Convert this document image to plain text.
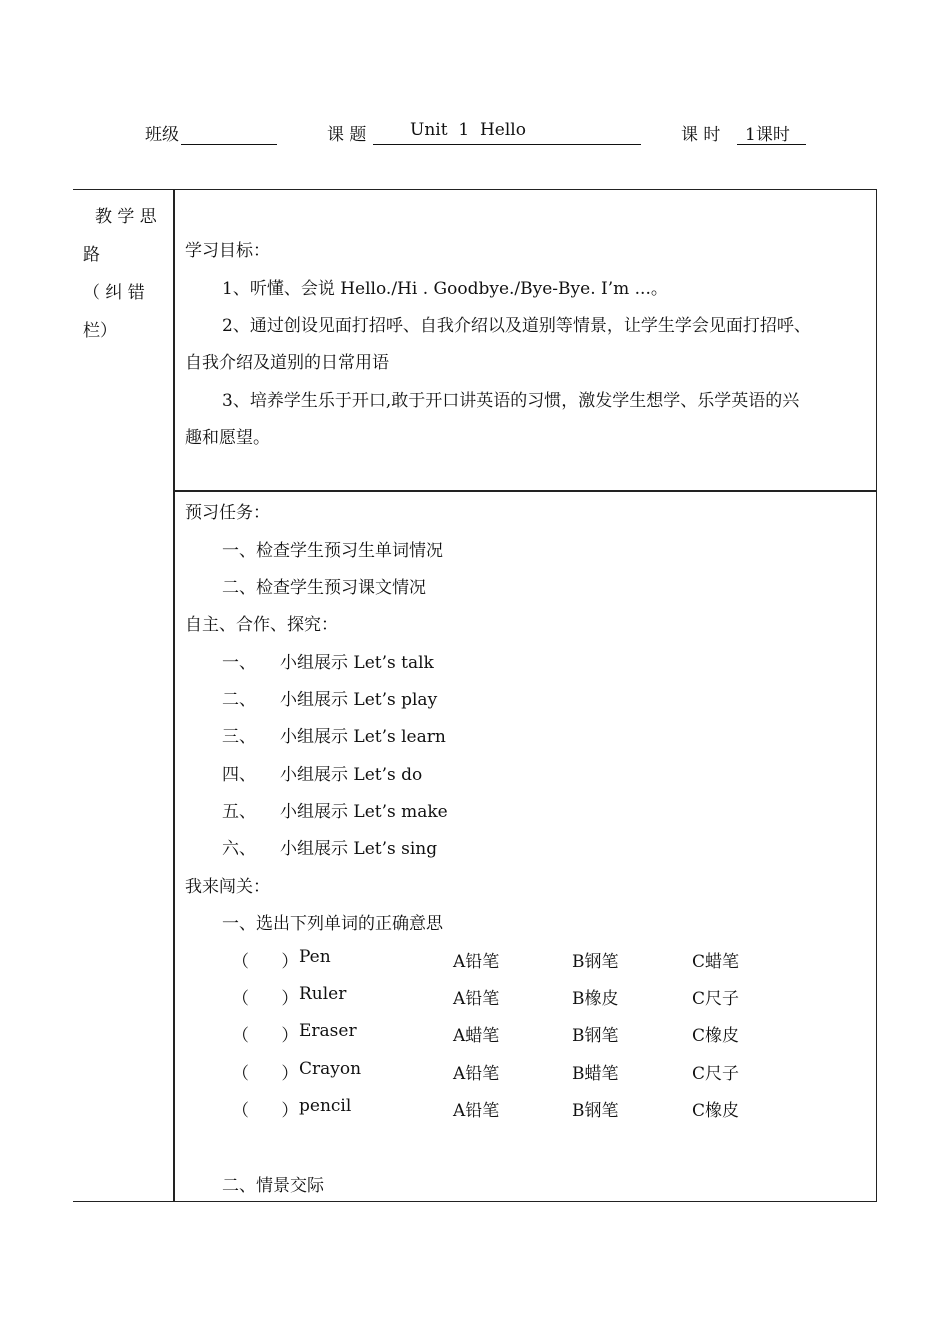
班级	课 题	Unit  1  Hello	课 时 1课时
教 学 思
路
（ 纠 错
栏）
学习目标：
1、听懂、会说 Hello./Hi . Goodbye./Bye-Bye. I’m ...。
2、通过创设见面打招呼、自我介绍以及道别等情景，让学生学会见面打招呼、
自我介绍及道别的日常用语
3、培养学生乐于开口,敢于开口讲英语的习惯，激发学生想学、乐学英语的兴
趣和愿望。
预习任务：
一、检查学生预习生单词情况
二、检查学生预习课文情况
自主、合作、探究：
一、 小组展示 Let’s talk
二、 小组展示 Let’s play
三、 小组展示 Let’s learn
四、 小组展示 Let’s do
五、 小组展示 Let’s make
六、 小组展示 Let’s sing
我来闯关：
一、选出下列单词的正确意思
（      ） Pen	A铅笔	B钢笔	C蜡笔
（      ） Ruler	A铅笔	B橡皮	C尺子
（      ） Eraser	A蜡笔	B钢笔	C橡皮
（      ） Crayon	A铅笔	B蜡笔	C尺子
（      ） pencil	A铅笔	B钢笔	C橡皮
二、情景交际
